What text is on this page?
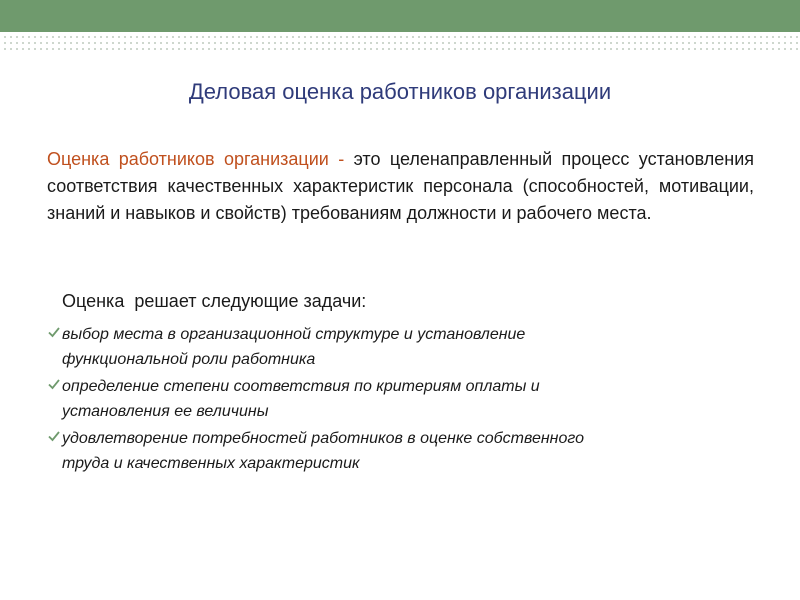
Деловая оценка работников организации
Оценка работников организации - это целенаправленный процесс установления соответствия качественных характеристик персонала (способностей, мотивации, знаний и навыков и свойств) требованиям должности и рабочего места.
Оценка  решает следующие задачи:
выбор места в организационной структуре и установление
функциональной роли работника
определение степени соответствия по критериям оплаты и
установления ее величины
удовлетворение потребностей работников в оценке собственного
труда и качественных характеристик
